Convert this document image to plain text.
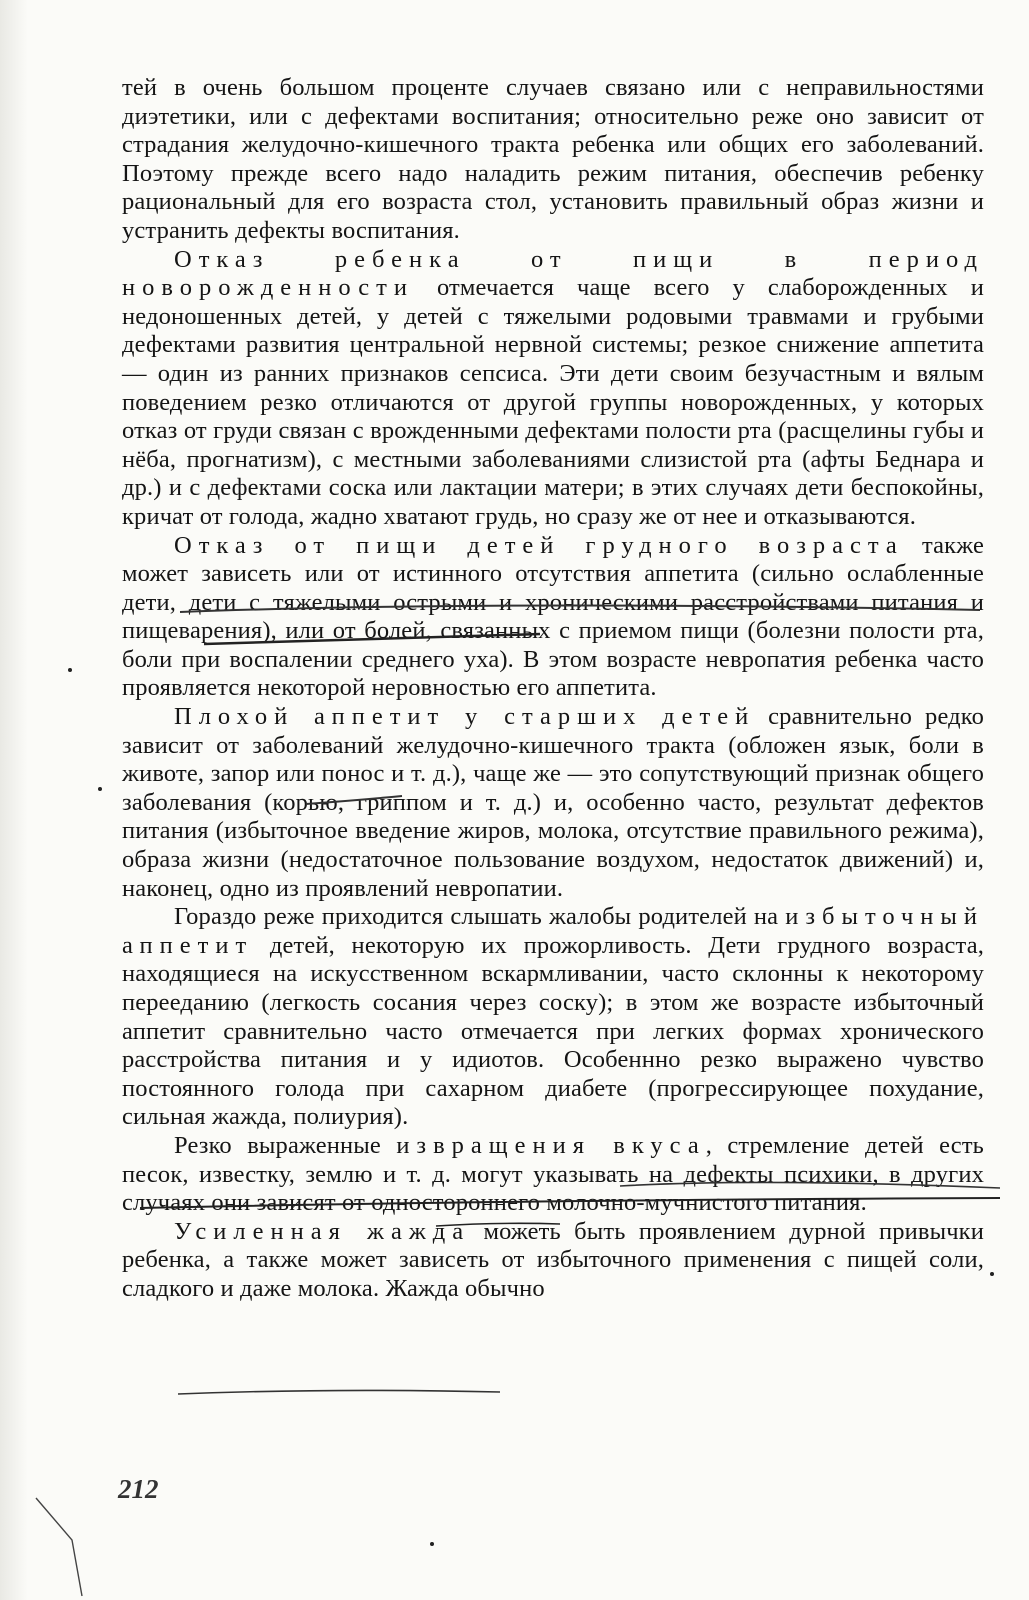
тей в очень большом проценте случаев связано или с неправильностями диэтетики, или с дефектами воспитания; относительно реже оно зависит от страдания желудочно-кишечного тракта ребенка или общих его заболеваний. Поэтому прежде всего надо наладить режим питания, обеспечив ребенку рациональный для его возраста стол, установить правильный образ жизни и устранить дефекты воспитания.

Отказ ребенка от пищи в период новорожденности отмечается чаще всего у слаборожденных и недоношенных детей, у детей с тяжелыми родовыми травмами и грубыми дефектами развития центральной нервной системы; резкое снижение аппетита — один из ранних признаков сепсиса. Эти дети своим безучастным и вялым поведением резко отличаются от другой группы новорожденных, у которых отказ от груди связан с врожденными дефектами полости рта (расщелины губы и нёба, прогнатизм), с местными заболеваниями слизистой рта (афты Беднара и др.) и с дефектами соска или лактации матери; в этих случаях дети беспокойны, кричат от голода, жадно хватают грудь, но сразу же от нее и отказываются.

Отказ от пищи детей грудного возраста также может зависеть или от истинного отсутствия аппетита (сильно ослабленные дети, дети с тяжелыми острыми и хроническими расстройствами питания и пищеварения), или от болей, связанных с приемом пищи (болезни полости рта, боли при воспалении среднего уха). В этом возрасте невропатия ребенка часто проявляется некоторой неровностью его аппетита.

Плохой аппетит у старших детей сравнительно редко зависит от заболеваний желудочно-кишечного тракта (обложен язык, боли в животе, запор или понос и т. д.), чаще же — это сопутствующий признак общего заболевания (корью, гриппом и т. д.) и, особенно часто, результат дефектов питания (избыточное введение жиров, молока, отсутствие правильного режима), образа жизни (недостаточное пользование воздухом, недостаток движений) и, наконец, одно из проявлений невропатии.

Гораздо реже приходится слышать жалобы родителей на избыточный аппетит детей, некоторую их прожорливость. Дети грудного возраста, находящиеся на искусственном вскармливании, часто склонны к некоторому перееданию (легкость сосания через соску); в этом же возрасте избыточный аппетит сравнительно часто отмечается при легких формах хронического расстройства питания и у идиотов. Особеннно резко выражено чувство постоянного голода при сахарном диабете (прогрессирующее похудание, сильная жажда, полиурия).

Резко выраженные извращения вкуса, стремление детей есть песок, известку, землю и т. д. могут указывать на дефекты психики, в других случаях они зависят от одностороннего молочно-мучнистого питания.

Усиленная жажда можеть быть проявлением дурной привычки ребенка, а также может зависеть от избыточного применения с пищей соли, сладкого и даже молока. Жажда обычно

212
